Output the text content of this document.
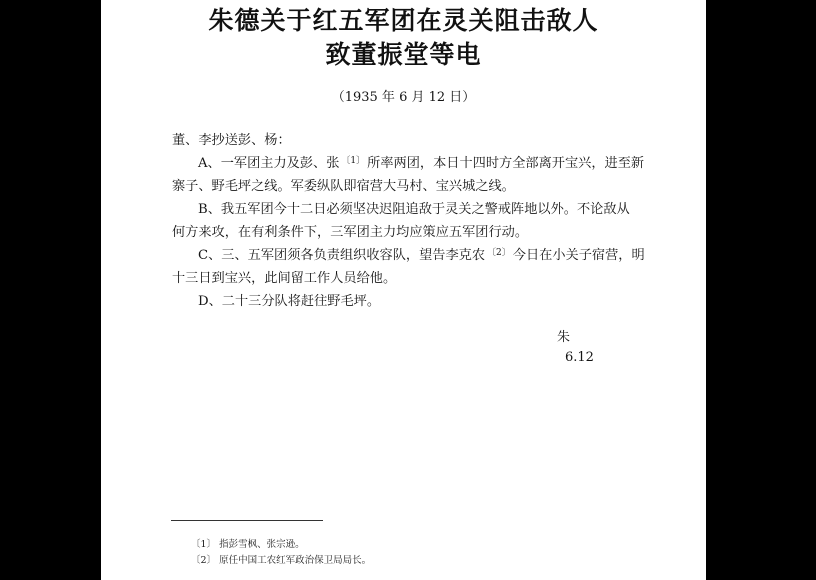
朱德关于红五军团在灵关阻击敌人
致董振堂等电
（1935 年 6 月 12 日）
董、李抄送彭、杨：
A、一军团主力及彭、张 $^{〔1〕}$ 所率两团，本日十四时方全部离开宝兴，进至新
寨子、野毛坪之线。军委纵队即宿营大马村、宝兴城之线。
B、我五军团今十二日必须坚决迟阻追敌于灵关之警戒阵地以外。不论敌从
何方来攻，在有利条件下，三军团主力均应策应五军团行动。
C、三、五军团须各负责组织收容队，望告李克农 $^{〔2〕}$ 今日在小关子宿营，明
十三日到宝兴，此间留工作人员给他。
D、二十三分队将赶往野毛坪。
朱
6.12
〔1〕 指彭雪枫、张宗逊。
〔2〕 原任中国工农红军政治保卫局局长。
